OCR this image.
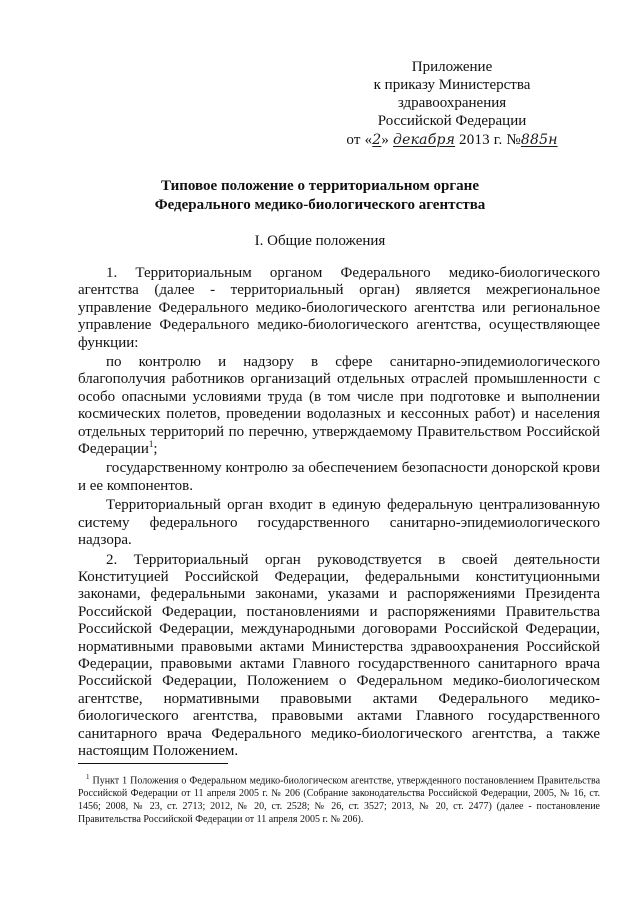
Приложение
к приказу Министерства
здравоохранения
Российской Федерации
от «2» декабря 2013 г. №885н
Типовое положение о территориальном органе
Федерального медико-биологического агентства
I. Общие положения

1. Территориальным органом Федерального медико-биологического агентства (далее - территориальный орган) является межрегиональное управление Федерального медико-биологического агентства или региональное управление Федерального медико-биологического агентства, осуществляющее функции:

по контролю и надзору в сфере санитарно-эпидемиологического благополучия работников организаций отдельных отраслей промышленности с особо опасными условиями труда (в том числе при подготовке и выполнении космических полетов, проведении водолазных и кессонных работ) и населения отдельных территорий по перечню, утверждаемому Правительством Российской Федерации$^1$;

государственному контролю за обеспечением безопасности донорской крови и ее компонентов.

Территориальный орган входит в единую федеральную централизованную систему федерального государственного санитарно-эпидемиологического надзора.

2. Территориальный орган руководствуется в своей деятельности Конституцией Российской Федерации, федеральными конституционными законами, федеральными законами, указами и распоряжениями Президента Российской Федерации, постановлениями и распоряжениями Правительства Российской Федерации, международными договорами Российской Федерации, нормативными правовыми актами Министерства здравоохранения Российской Федерации, правовыми актами Главного государственного санитарного врача Российской Федерации, Положением о Федеральном медико-биологическом агентстве, нормативными правовыми актами Федерального медико-биологического агентства, правовыми актами Главного государственного санитарного врача Федерального медико-биологического агентства, а также настоящим Положением.

$^1$ Пункт 1 Положения о Федеральном медико-биологическом агентстве, утвержденного постановлением Правительства Российской Федерации от 11 апреля 2005 г. № 206 (Собрание законодательства Российской Федерации, 2005, № 16, ст. 1456; 2008, № 23, ст. 2713; 2012, № 20, ст. 2528; № 26, ст. 3527; 2013, № 20, ст. 2477) (далее - постановление Правительства Российской Федерации от 11 апреля 2005 г. № 206).
